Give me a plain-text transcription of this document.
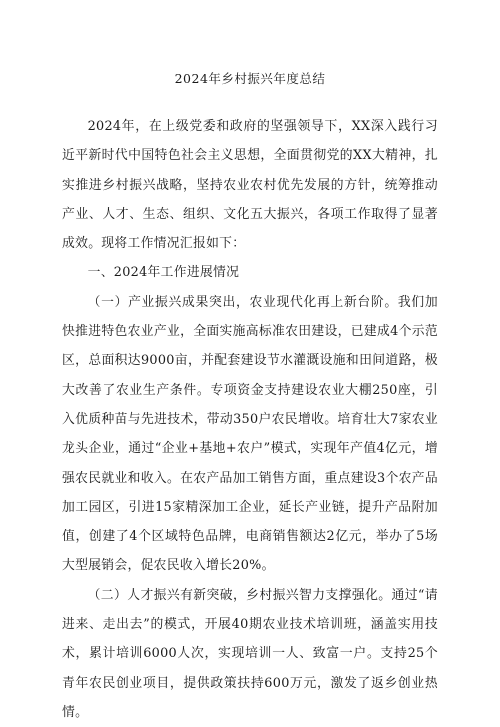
2024年乡村振兴年度总结

2024年，在上级党委和政府的坚强领导下，XX深入践行习近平新时代中国特色社会主义思想，全面贯彻党的XX大精神，扎实推进乡村振兴战略，坚持农业农村优先发展的方针，统筹推动产业、人才、生态、组织、文化五大振兴，各项工作取得了显著成效。现将工作情况汇报如下：

一、2024年工作进展情况

（一）产业振兴成果突出，农业现代化再上新台阶。我们加快推进特色农业产业，全面实施高标准农田建设，已建成4个示范区，总面积达9000亩，并配套建设节水灌溉设施和田间道路，极大改善了农业生产条件。专项资金支持建设农业大棚250座，引入优质种苗与先进技术，带动350户农民增收。培育壮大7家农业龙头企业，通过“企业+基地+农户”模式，实现年产值4亿元，增强农民就业和收入。在农产品加工销售方面，重点建设3个农产品加工园区，引进15家精深加工企业，延长产业链，提升产品附加值，创建了4个区域特色品牌，电商销售额达2亿元，举办了5场大型展销会，促农民收入增长20%。

（二）人才振兴有新突破，乡村振兴智力支撑强化。通过“请进来、走出去”的模式，开展40期农业技术培训班，涵盖实用技术，累计培训6000人次，实现培训一人、致富一户。支持25个青年农民创业项目，提供政策扶持600万元，激发了返乡创业热情。
